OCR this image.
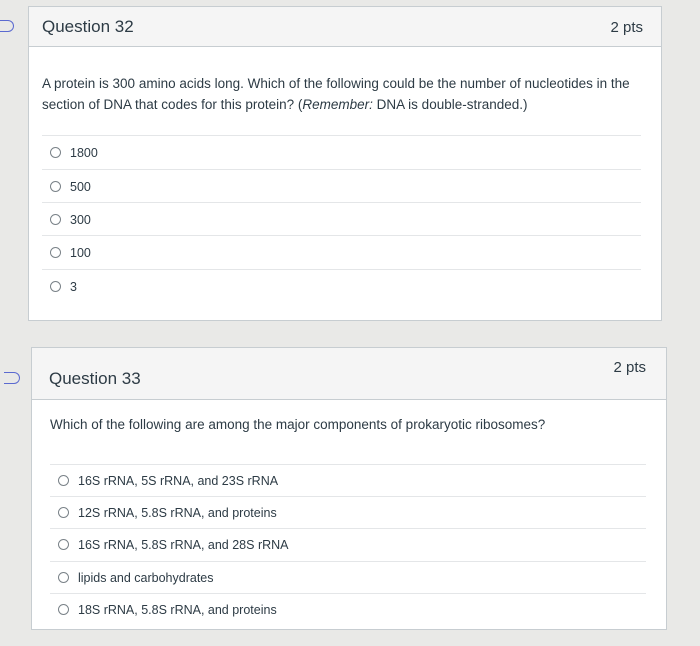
Question 32	2 pts
A protein is 300 amino acids long. Which of the following could be the number of nucleotides in the section of DNA that codes for this protein? (Remember: DNA is double-stranded.)
1800
500
300
100
3
Question 33
2 pts
Which of the following are among the major components of prokaryotic ribosomes?
16S rRNA, 5S rRNA, and 23S rRNA
12S rRNA, 5.8S rRNA, and proteins
16S rRNA, 5.8S rRNA, and 28S rRNA
lipids and carbohydrates
18S rRNA, 5.8S rRNA, and proteins
